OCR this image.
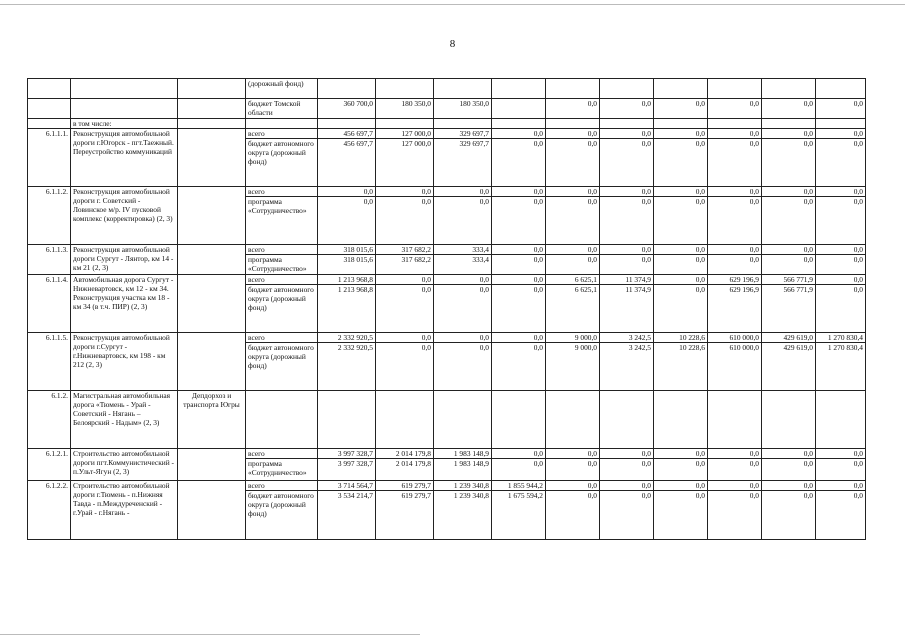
8
			(дорожный фонд)										
			бюджет Томской области	360 700,0	180 350,0	180 350,0		0,0	0,0	0,0	0,0	0,0	0,0
	в том числе:												
6.1.1.1.	Реконструкция автомобильной дороги г.Югорск - пгт.Таежный. Переустройство коммуникаций		всего	456 697,7	127 000,0	329 697,7	0,0	0,0	0,0	0,0	0,0	0,0	0,0
			бюджет автономного округа (дорожный фонд)	456 697,7	127 000,0	329 697,7	0,0	0,0	0,0	0,0	0,0	0,0	0,0
6.1.1.2.	Реконструкция автомобильной дороги г. Советский - Ловинское м/р. IV пусковой комплекс (корректировка) (2, 3)		всего	0,0	0,0	0,0	0,0	0,0	0,0	0,0	0,0	0,0	0,0
			программа «Сотрудничество»	0,0	0,0	0,0	0,0	0,0	0,0	0,0	0,0	0,0	0,0
6.1.1.3.	Реконструкция автомобильной дороги Сургут - Лянтор, км 14 - км 21 (2, 3)		всего	318 015,6	317 682,2	333,4	0,0	0,0	0,0	0,0	0,0	0,0	0,0
			программа «Сотрудничество»	318 015,6	317 682,2	333,4	0,0	0,0	0,0	0,0	0,0	0,0	0,0
6.1.1.4.	Автомобильная дорога Сургут - Нижневартовск, км 12 - км 34. Реконструкция участка км 18 - км 34 (в т.ч. ПИР) (2, 3)		всего	1 213 968,8	0,0	0,0	0,0	6 625,1	11 374,9	0,0	629 196,9	566 771,9	0,0
			бюджет автономного округа (дорожный фонд)	1 213 968,8	0,0	0,0	0,0	6 625,1	11 374,9	0,0	629 196,9	566 771,9	0,0
6.1.1.5.	Реконструкция автомобильной дороги г.Сургут - г.Нижневартовск, км 198 - км 212 (2, 3)		всего	2 332 920,5	0,0	0,0	0,0	9 000,0	3 242,5	10 228,6	610 000,0	429 619,0	1 270 830,4
			бюджет автономного округа (дорожный фонд)	2 332 920,5	0,0	0,0	0,0	9 000,0	3 242,5	10 228,6	610 000,0	429 619,0	1 270 830,4
6.1.2.	Магистральная автомобильная дорога «Тюмень - Урай - Советский - Нягань – Белоярский - Надым» (2, 3)	Депдорхоз и транспорта Югры											
6.1.2.1.	Строительство автомобильной дороги пгт.Коммунистический - п.Ульт-Ягун (2, 3)		всего	3 997 328,7	2 014 179,8	1 983 148,9	0,0	0,0	0,0	0,0	0,0	0,0	0,0
			программа «Сотрудничество»	3 997 328,7	2 014 179,8	1 983 148,9	0,0	0,0	0,0	0,0	0,0	0,0	0,0
6.1.2.2.	Строительство автомобильной дороги г.Тюмень - п.Нижняя Тавда - п.Междуреченский - г.Урай - г.Нягань -		всего	3 714 564,7	619 279,7	1 239 340,8	1 855 944,2	0,0	0,0	0,0	0,0	0,0	0,0
			бюджет автономного округа (дорожный фонд)	3 534 214,7	619 279,7	1 239 340,8	1 675 594,2	0,0	0,0	0,0	0,0	0,0	0,0
